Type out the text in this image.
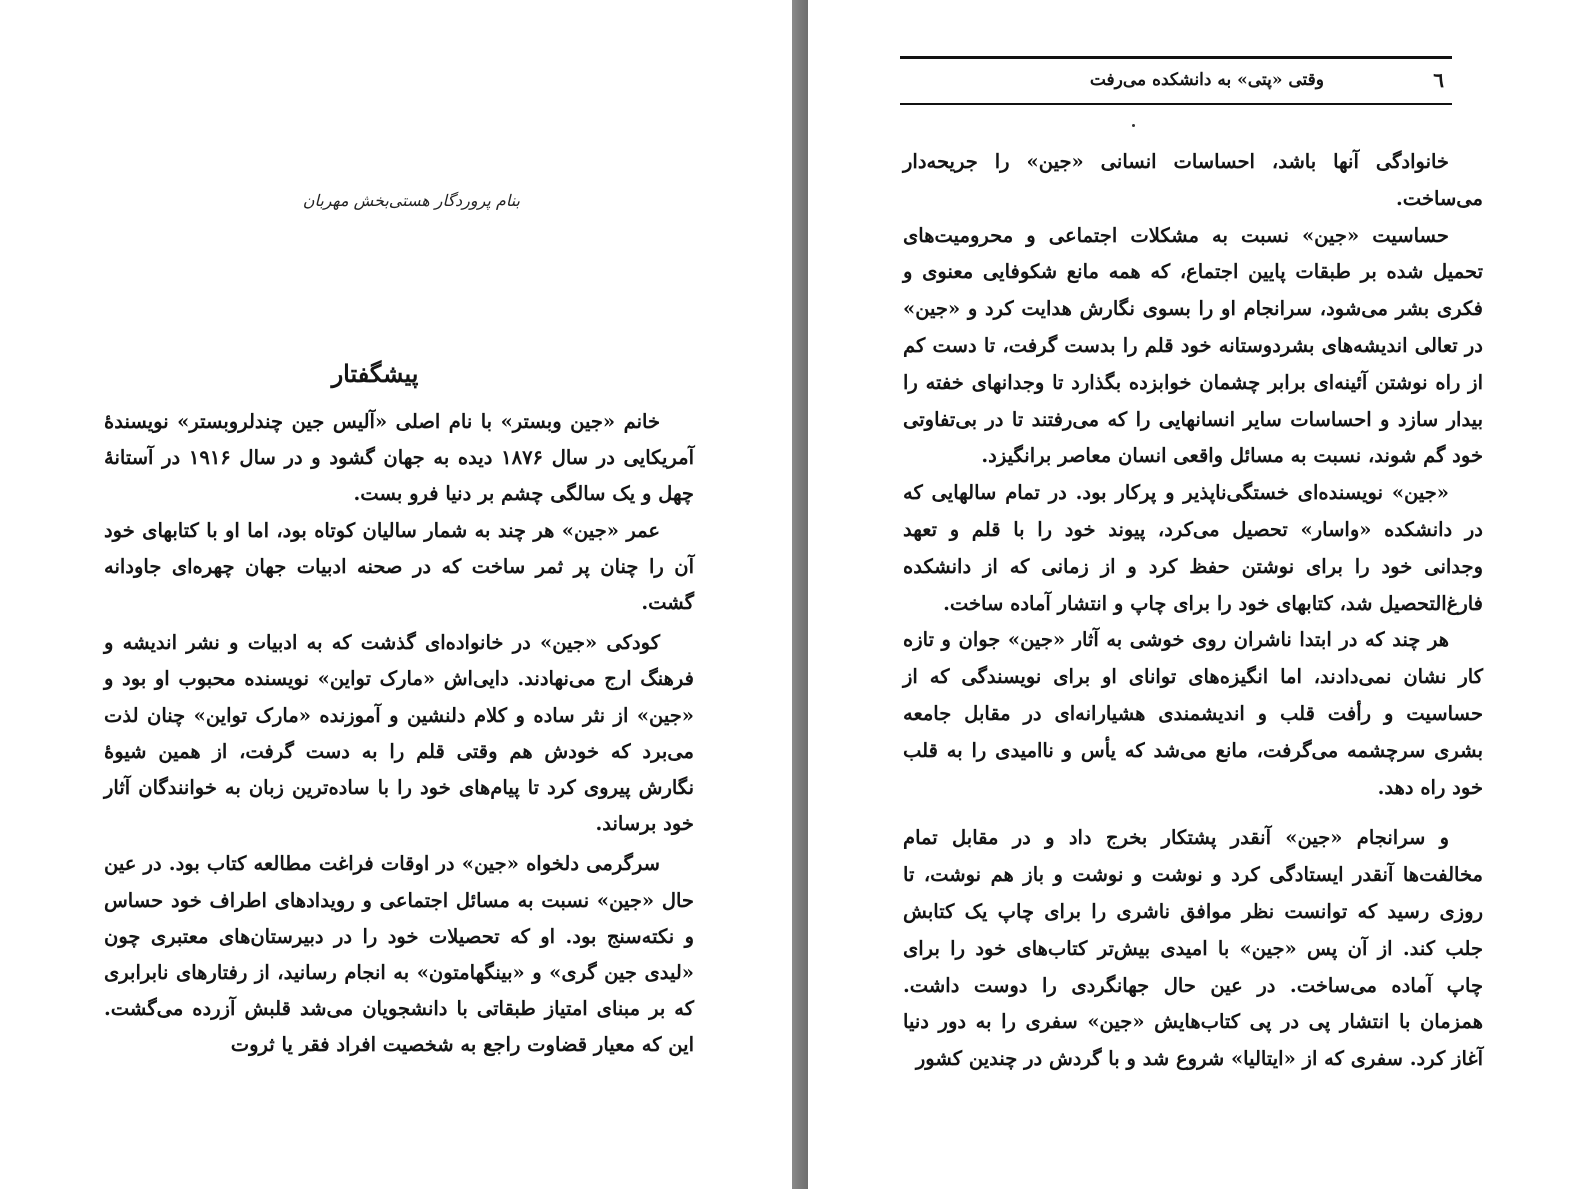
بنام پروردگار هستی‌بخش مهربان
پیشگفتار

خانم «جین وبستر» با نام اصلی «آلیس جین چندلروبستر» نویسندهٔ آمریکایی در سال ۱۸۷۶ دیده به جهان گشود و در سال ۱۹۱۶ در آستانهٔ چهل و یک سالگی چشم بر دنیا فرو بست.

عمر «جین» هر چند به شمار سالیان کوتاه بود، اما او با کتابهای خود آن را چنان پر ثمر ساخت که در صحنه ادبیات جهان چهره‌ای جاودانه گشت.

کودکی «جین» در خانواده‌ای گذشت که به ادبیات و نشر اندیشه و فرهنگ ارج می‌نهادند. دایی‌اش «مارک تواین» نویسنده محبوب او بود و «جین» از نثر ساده و کلام دلنشین و آموزنده «مارک تواین» چنان لذت می‌برد که خودش هم وقتی قلم را به دست گرفت، از همین شیوهٔ نگارش پیروی کرد تا پیام‌های خود را با ساده‌ترین زبان به خوانندگان آثار خود برساند.

سرگرمی دلخواه «جین» در اوقات فراغت مطالعه کتاب بود. در عین حال «جین» نسبت به مسائل اجتماعی و رویدادهای اطراف خود حساس و نکته‌سنج بود. او که تحصیلات خود را در دبیرستان‌های معتبری چون «لیدی جین گری» و «بینگهامتون» به انجام رسانید، از رفتارهای نابرابری که بر مبنای امتیاز طبقاتی با دانشجویان می‌شد قلبش آزرده می‌گشت. این که معیار قضاوت راجع به شخصیت افراد فقر یا ثروت

٦
وقتی «پتی» به دانشکده می‌رفت

خانوادگی آنها باشد، احساسات انسانی «جین» را جریحه‌دار می‌ساخت.

حساسیت «جین» نسبت به مشکلات اجتماعی و محرومیت‌های تحمیل شده بر طبقات پایین اجتماع، که همه مانع شکوفایی معنوی و فکری بشر می‌شود، سرانجام او را بسوی نگارش هدایت کرد و «جین» در تعالی اندیشه‌های بشردوستانه خود قلم را بدست گرفت، تا دست کم از راه نوشتن آئینه‌ای برابر چشمان خوابزده بگذارد تا وجدانهای خفته را بیدار سازد و احساسات سایر انسانهایی را که می‌رفتند تا در بی‌تفاوتی خود گم شوند، نسبت به مسائل واقعی انسان معاصر برانگیزد.

«جین» نویسنده‌ای خستگی‌ناپذیر و پرکار بود. در تمام سالهایی که در دانشکده «واسار» تحصیل می‌کرد، پیوند خود را با قلم و تعهد وجدانی خود را برای نوشتن حفظ کرد و از زمانی که از دانشکده فارغ‌التحصیل شد، کتابهای خود را برای چاپ و انتشار آماده ساخت.

هر چند که در ابتدا ناشران روی خوشی به آثار «جین» جوان و تازه کار نشان نمی‌دادند، اما انگیزه‌های توانای او برای نویسندگی که از حساسیت و رأفت قلب و اندیشمندی هشیارانه‌ای در مقابل جامعه بشری سرچشمه می‌گرفت، مانع می‌شد که یأس و ناامیدی را به قلب خود راه دهد.

و سرانجام «جین» آنقدر پشتکار بخرج داد و در مقابل تمام مخالفت‌ها آنقدر ایستادگی کرد و نوشت و نوشت و باز هم نوشت، تا روزی رسید که توانست نظر موافق ناشری را برای چاپ یک کتابش جلب کند. از آن پس «جین» با امیدی بیش‌تر کتاب‌های خود را برای چاپ آماده می‌ساخت. در عین حال جهانگردی را دوست داشت. همزمان با انتشار پی در پی کتاب‌هایش «جین» سفری را به دور دنیا آغاز کرد. سفری که از «ایتالیا» شروع شد و با گردش در چندین کشور
